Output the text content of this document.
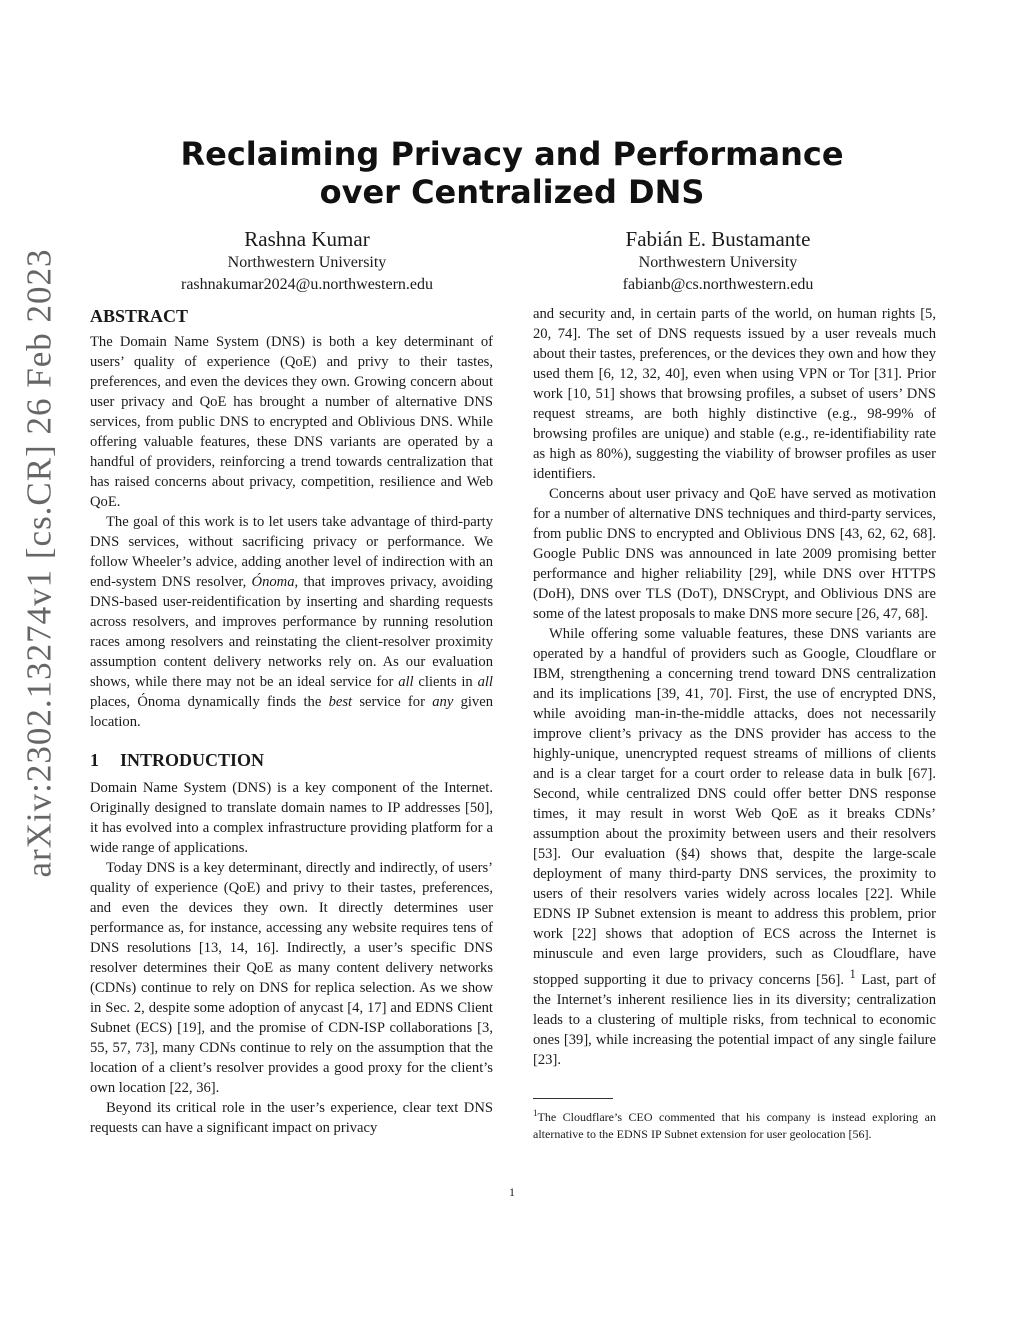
arXiv:2302.13274v1 [cs.CR] 26 Feb 2023
Reclaiming Privacy and Performance over Centralized DNS
Rashna Kumar
Northwestern University
rashnakumar2024@u.northwestern.edu
Fabián E. Bustamante
Northwestern University
fabianb@cs.northwestern.edu
ABSTRACT

The Domain Name System (DNS) is both a key determinant of users’ quality of experience (QoE) and privy to their tastes, preferences, and even the devices they own. Growing concern about user privacy and QoE has brought a number of alternative DNS services, from public DNS to encrypted and Oblivious DNS. While offering valuable features, these DNS variants are operated by a handful of providers, reinforcing a trend towards centralization that has raised concerns about privacy, competition, resilience and Web QoE.

The goal of this work is to let users take advantage of third-party DNS services, without sacrificing privacy or performance. We follow Wheeler’s advice, adding another level of indirection with an end-system DNS resolver, Ónoma, that improves privacy, avoiding DNS-based user-reidentification by inserting and sharding requests across resolvers, and improves performance by running resolution races among resolvers and reinstating the client-resolver proximity assumption content delivery networks rely on. As our evaluation shows, while there may not be an ideal service for all clients in all places, Ónoma dynamically finds the best service for any given location.

1 INTRODUCTION

Domain Name System (DNS) is a key component of the Internet. Originally designed to translate domain names to IP addresses [50], it has evolved into a complex infrastructure providing platform for a wide range of applications.

Today DNS is a key determinant, directly and indirectly, of users’ quality of experience (QoE) and privy to their tastes, preferences, and even the devices they own. It directly determines user performance as, for instance, accessing any website requires tens of DNS resolutions [13, 14, 16]. Indirectly, a user’s specific DNS resolver determines their QoE as many content delivery networks (CDNs) continue to rely on DNS for replica selection. As we show in Sec. 2, despite some adoption of anycast [4, 17] and EDNS Client Subnet (ECS) [19], and the promise of CDN-ISP collaborations [3, 55, 57, 73], many CDNs continue to rely on the assumption that the location of a client’s resolver provides a good proxy for the client’s own location [22, 36].

Beyond its critical role in the user’s experience, clear text DNS requests can have a significant impact on privacy

and security and, in certain parts of the world, on human rights [5, 20, 74]. The set of DNS requests issued by a user reveals much about their tastes, preferences, or the devices they own and how they used them [6, 12, 32, 40], even when using VPN or Tor [31]. Prior work [10, 51] shows that browsing profiles, a subset of users’ DNS request streams, are both highly distinctive (e.g., 98-99% of browsing profiles are unique) and stable (e.g., re-identifiability rate as high as 80%), suggesting the viability of browser profiles as user identifiers.

Concerns about user privacy and QoE have served as motivation for a number of alternative DNS techniques and third-party services, from public DNS to encrypted and Oblivious DNS [43, 62, 62, 68]. Google Public DNS was announced in late 2009 promising better performance and higher reliability [29], while DNS over HTTPS (DoH), DNS over TLS (DoT), DNSCrypt, and Oblivious DNS are some of the latest proposals to make DNS more secure [26, 47, 68].

While offering some valuable features, these DNS variants are operated by a handful of providers such as Google, Cloudflare or IBM, strengthening a concerning trend toward DNS centralization and its implications [39, 41, 70]. First, the use of encrypted DNS, while avoiding man-in-the-middle attacks, does not necessarily improve client’s privacy as the DNS provider has access to the highly-unique, unencrypted request streams of millions of clients and is a clear target for a court order to release data in bulk [67]. Second, while centralized DNS could offer better DNS response times, it may result in worst Web QoE as it breaks CDNs’ assumption about the proximity between users and their resolvers [53]. Our evaluation (§4) shows that, despite the large-scale deployment of many third-party DNS services, the proximity to users of their resolvers varies widely across locales [22]. While EDNS IP Subnet extension is meant to address this problem, prior work [22] shows that adoption of ECS across the Internet is minuscule and even large providers, such as Cloudflare, have stopped supporting it due to privacy concerns [56]. $^1$ Last, part of the Internet’s inherent resilience lies in its diversity; centralization leads to a clustering of multiple risks, from technical to economic ones [39], while increasing the potential impact of any single failure [23].

$^1$The Cloudflare’s CEO commented that his company is instead exploring an alternative to the EDNS IP Subnet extension for user geolocation [56].
1
